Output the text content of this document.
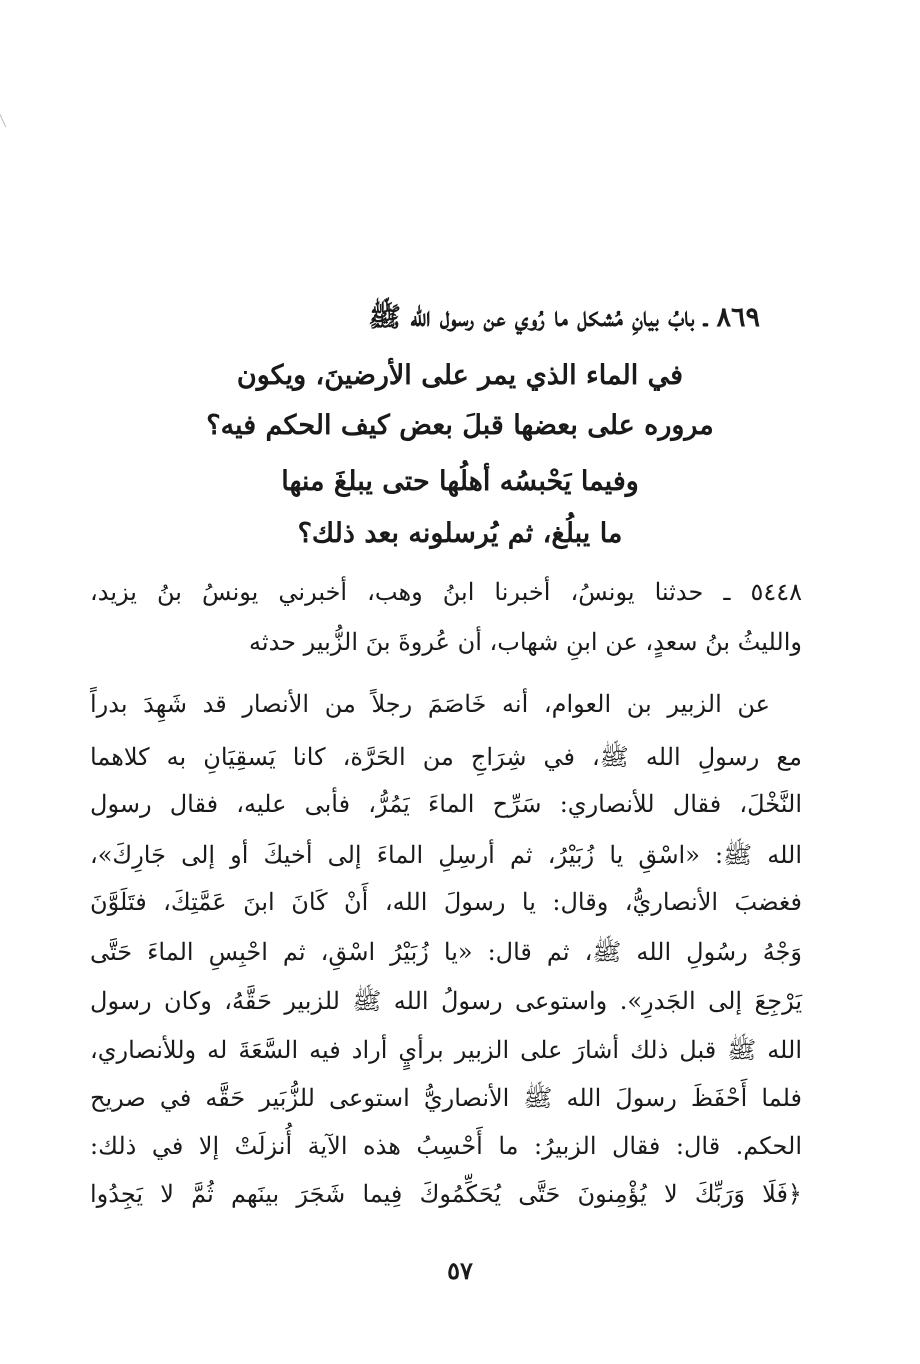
٨٦٩ ـ بابُ بيانِ مُشكل ما رُوي عن رسول الله ﷺ
في الماء الذي يمر على الأرضينَ، ويكون
مروره على بعضها قبلَ بعض كيف الحكم فيه؟
وفيما يَحْبسُه أهلُها حتى يبلغَ منها
ما يبلُغ، ثم يُرسلونه بعد ذلك؟
٥٤٤٨ ـ حدثنا يونسُ، أخبرنا ابنُ وهب، أخبرني يونسُ بنُ يزيد،
والليثُ بنُ سعدٍ، عن ابنِ شهاب، أن عُروةَ بنَ الزُّبير حدثه
عن الزبير بن العوام، أنه خَاصَمَ رجلاً من الأنصار قد شَهِدَ بدراً
مع رسولِ الله ﷺ، في شِرَاجِ من الحَرَّة، كانا يَسقِيَانِ به كلاهما
النَّخْلَ، فقال للأنصاري: سَرِّح الماءَ يَمُرُّ، فأبى عليه، فقال رسول
الله ﷺ: «اسْقِ يا زُبَيْرُ، ثم أرسِلِ الماءَ إلى أخيكَ أو إلى جَارِكَ»،
فغضبَ الأنصاريُّ، وقال: يا رسولَ الله، أَنْ كَانَ ابنَ عَمَّتِكَ، فتَلَوَّنَ
وَجْهُ رسُولِ الله ﷺ، ثم قال: «يا زُبَيْرُ اسْقِ، ثم احْبِسِ الماءَ حَتَّى
يَرْجِعَ إلى الجَدرِ». واستوعى رسولُ الله ﷺ للزبير حَقَّهُ، وكان رسول
الله ﷺ قبل ذلك أشارَ على الزبير برأيٍ أراد فيه السَّعَةَ له وللأنصاري،
فلما أَحْفَظَ رسولَ الله ﷺ الأنصاريُّ استوعى للزُّبَير حَقَّه في صريح
الحكم. قال: فقال الزبيرُ: ما أَحْسِبُ هذه الآية أُنزلَتْ إلا في ذلك:
﴿فَلَا وَرَبِّكَ لا يُؤْمِنونَ حَتَّى يُحَكِّمُوكَ فِيما شَجَرَ بينَهم ثُمَّ لا يَجِدُوا
٥٧
